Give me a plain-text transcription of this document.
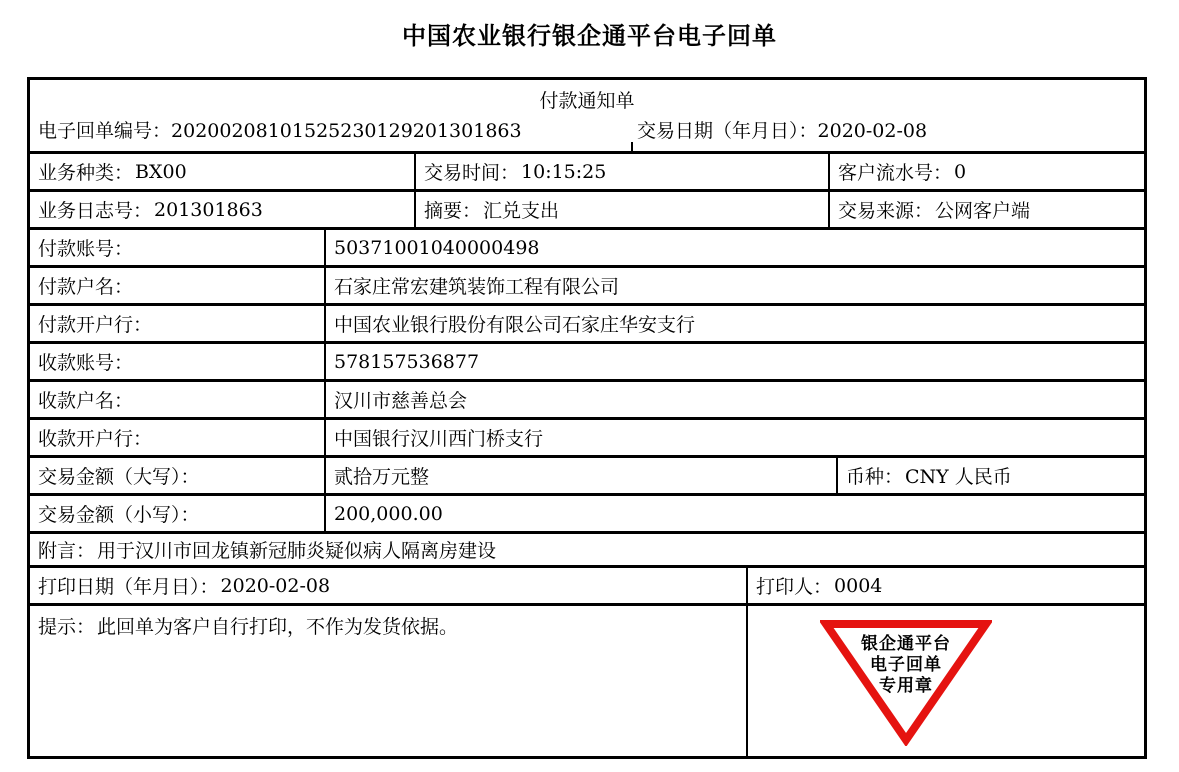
中国农业银行银企通平台电子回单
付款通知单
电子回单编号：20200208101525230129201301863	交易日期（年月日）：2020-02-08
业务种类： BX00	交易时间： 10:15:25	客户流水号： 0
业务日志号： 201301863	摘要： 汇兑支出	交易来源： 公网客户端
付款账号：	50371001040000498
付款户名：	石家庄常宏建筑装饰工程有限公司
付款开户行：	中国农业银行股份有限公司石家庄华安支行
收款账号：	578157536877
收款户名：	汉川市慈善总会
收款开户行：	中国银行汉川西门桥支行
交易金额（大写）：	贰拾万元整	币种： CNY 人民币
交易金额（小写）：	200,000.00
附言： 用于汉川市回龙镇新冠肺炎疑似病人隔离房建设
打印日期（年月日）： 2020-02-08	打印人： 0004
提示： 此回单为客户自行打印，不作为发货依据。
银企通平台
电子回单
专用章
